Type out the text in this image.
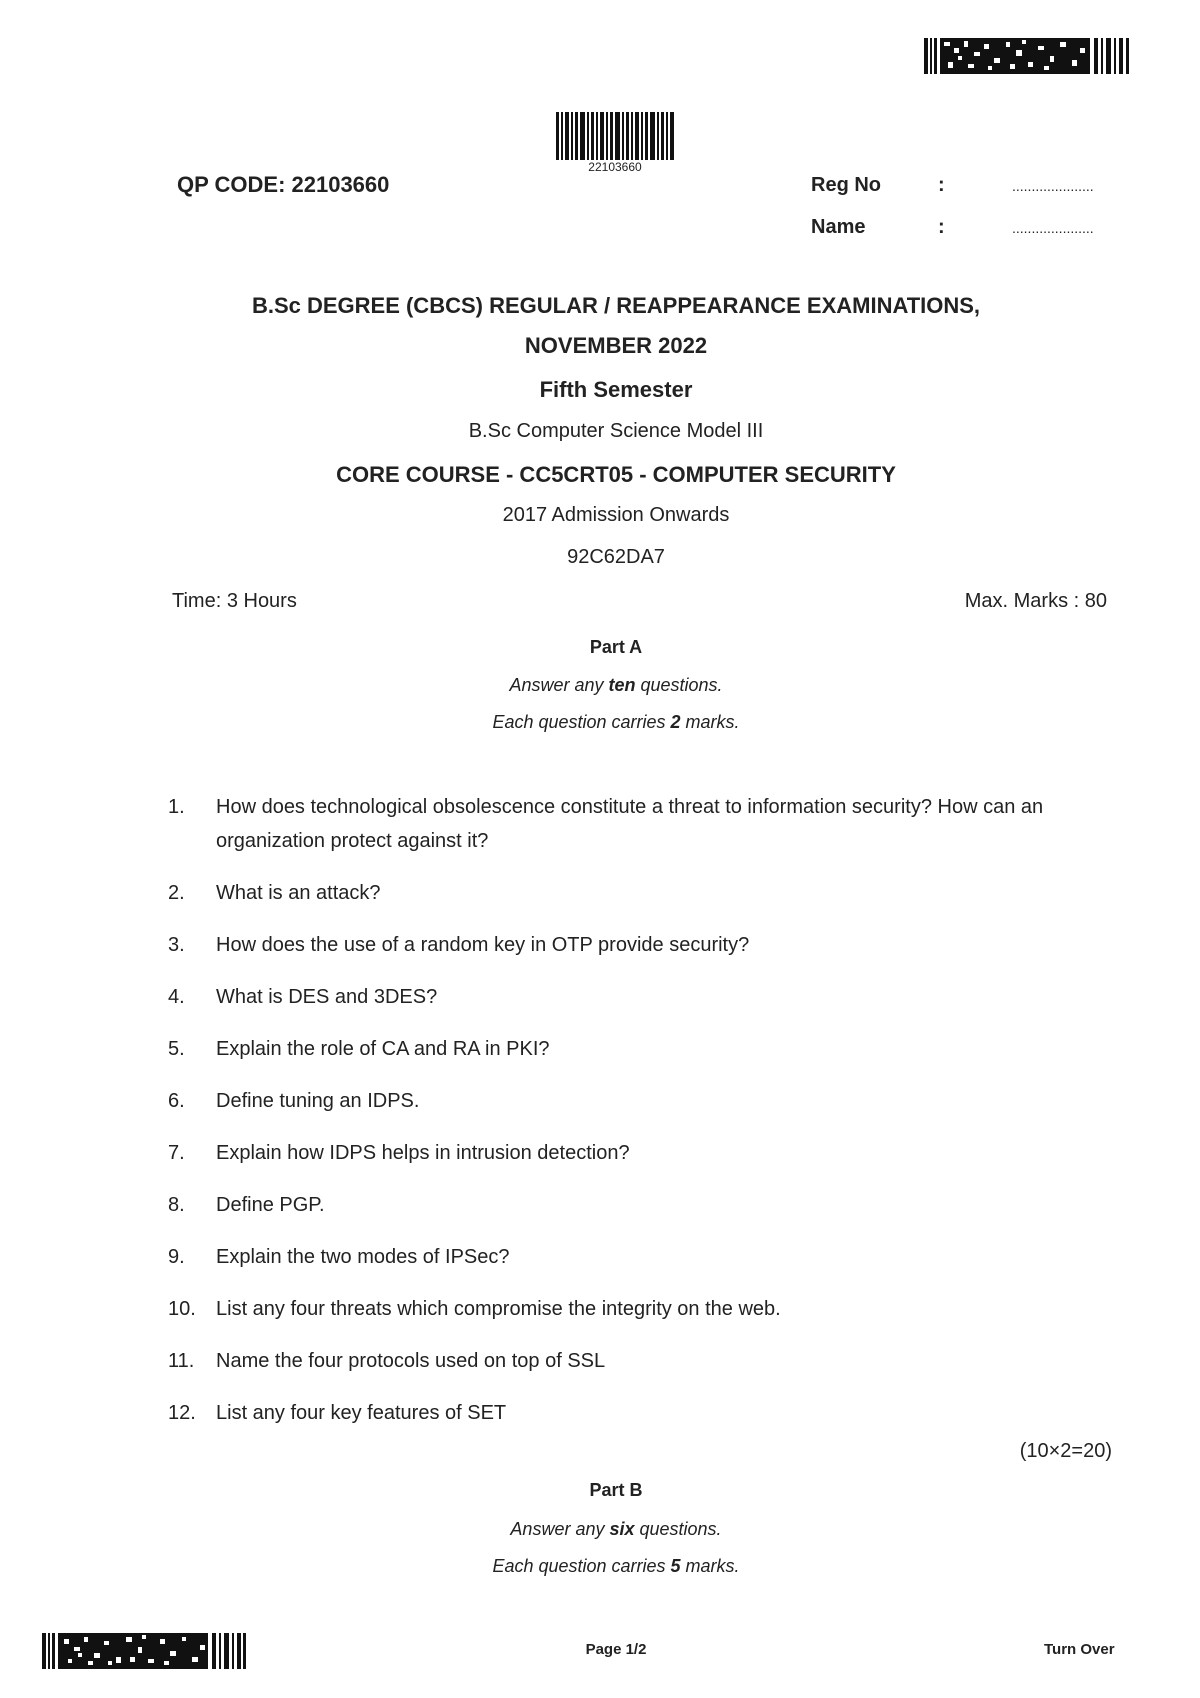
22103660
QP CODE: 22103660	Reg No	:	.....................
Name	:	.....................
B.Sc DEGREE (CBCS) REGULAR / REAPPEARANCE EXAMINATIONS,
NOVEMBER 2022
Fifth Semester
B.Sc Computer Science Model III
CORE COURSE - CC5CRT05 - COMPUTER SECURITY
2017 Admission Onwards
92C62DA7
Time: 3 Hours	Max. Marks : 80
Part A
Answer any ten questions.
Each question carries 2 marks.
1.	How does technological obsolescence constitute a threat to information security? How can an organization protect against it?
2.	What is an attack?
3.	How does the use of a random key in OTP provide security?
4.	What is DES and 3DES?
5.	Explain the role of CA and RA in PKI?
6.	Define tuning an IDPS.
7.	Explain how IDPS helps in intrusion detection?
8.	Define PGP.
9.	Explain the two modes of IPSec?
10.	List any four threats which compromise the integrity on the web.
11.	Name the four protocols used on top of SSL
12.	List any four key features of SET
(10×2=20)
Part B
Answer any six questions.
Each question carries 5 marks.
Page 1/2	Turn Over
